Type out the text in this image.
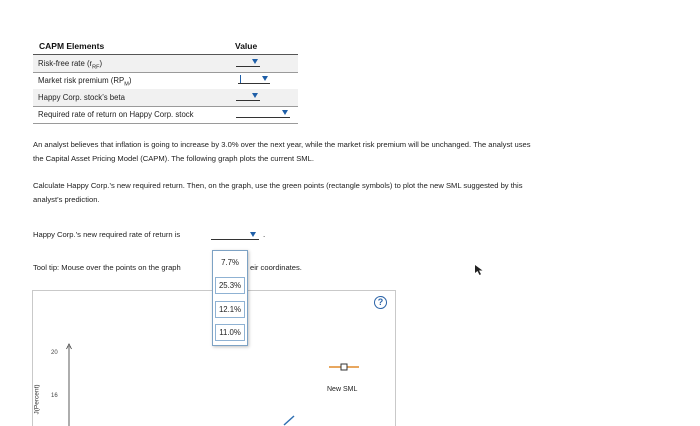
CAPM Elements	Value
Risk-free rate $(r_{RF})$
Market risk premium $(RP_M)$
Happy Corp. stock’s beta
Required rate of return on Happy Corp. stock
An analyst believes that inflation is going to increase by 3.0% over the next year, while the market risk premium will be unchanged. The analyst uses
the Capital Asset Pricing Model (CAPM). The following graph plots the current SML.
Calculate Happy Corp.’s new required return. Then, on the graph, use the green points (rectangle symbols) to plot the new SML suggested by this
analyst’s prediction.
Happy Corp.’s new required rate of return is	.
Tool tip: Mouse over the points on the graph	eir coordinates.
20
16
J(Percent)	New SML
?
7.7%
25.3%
12.1%
11.0%
